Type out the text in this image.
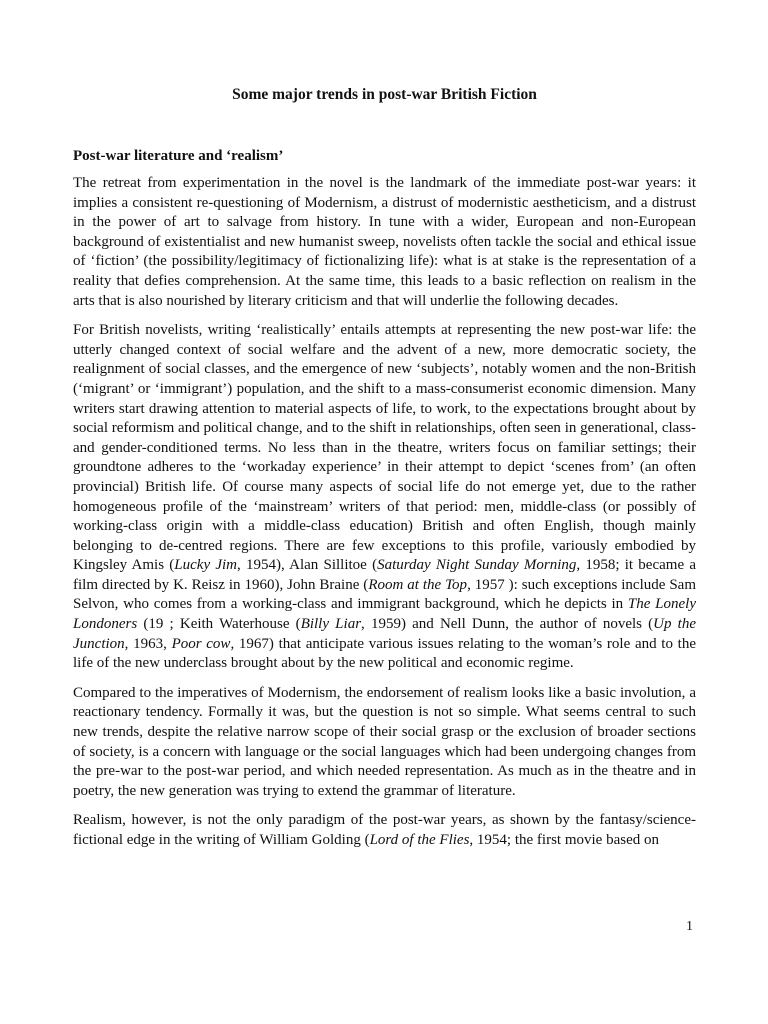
Some major trends in post-war British Fiction
Post-war literature and ‘realism’

The retreat from experimentation in the novel is the landmark of the immediate post-war years: it implies a consistent re-questioning of Modernism, a distrust of modernistic aestheticism, and a distrust in the power of art to salvage from history. In tune with a wider, European and non-European background of existentialist and new humanist sweep, novelists often tackle the social and ethical issue of ‘fiction’ (the possibility/legitimacy of fictionalizing life): what is at stake is the representation of a reality that defies comprehension. At the same time, this leads to a basic reflection on realism in the arts that is also nourished by literary criticism and that will underlie the following decades.

For British novelists, writing ‘realistically’ entails attempts at representing the new post-war life: the utterly changed context of social welfare and the advent of a new, more democratic society, the realignment of social classes, and the emergence of new ‘subjects’, notably women and the non-British (‘migrant’ or ‘immigrant’) population, and the shift to a mass-consumerist economic dimension. Many writers start drawing attention to material aspects of life, to work, to the expectations brought about by social reformism and political change, and to the shift in relationships, often seen in generational, class- and gender-conditioned terms. No less than in the theatre, writers focus on familiar settings; their groundtone adheres to the ‘workaday experience’ in their attempt to depict ‘scenes from’ (an often provincial) British life. Of course many aspects of social life do not emerge yet, due to the rather homogeneous profile of the ‘mainstream’ writers of that period: men, middle-class (or possibly of working-class origin with a middle-class education) British and often English, though mainly belonging to de-centred regions. There are few exceptions to this profile, variously embodied by Kingsley Amis (Lucky Jim, 1954), Alan Sillitoe (Saturday Night Sunday Morning, 1958; it became a film directed by K. Reisz in 1960), John Braine (Room at the Top, 1957 ): such exceptions include Sam Selvon, who comes from a working-class and immigrant background, which he depicts in The Lonely Londoners (19 ; Keith Waterhouse (Billy Liar, 1959) and Nell Dunn, the author of novels (Up the Junction, 1963, Poor cow, 1967) that anticipate various issues relating to the woman’s role and to the life of the new underclass brought about by the new political and economic regime.

Compared to the imperatives of Modernism, the endorsement of realism looks like a basic involution, a reactionary tendency. Formally it was, but the question is not so simple. What seems central to such new trends, despite the relative narrow scope of their social grasp or the exclusion of broader sections of society, is a concern with language or the social languages which had been undergoing changes from the pre-war to the post-war period, and which needed representation. As much as in the theatre and in poetry, the new generation was trying to extend the grammar of literature.

Realism, however, is not the only paradigm of the post-war years, as shown by the fantasy/science-fictional edge in the writing of William Golding (Lord of the Flies, 1954; the first movie based on

1
